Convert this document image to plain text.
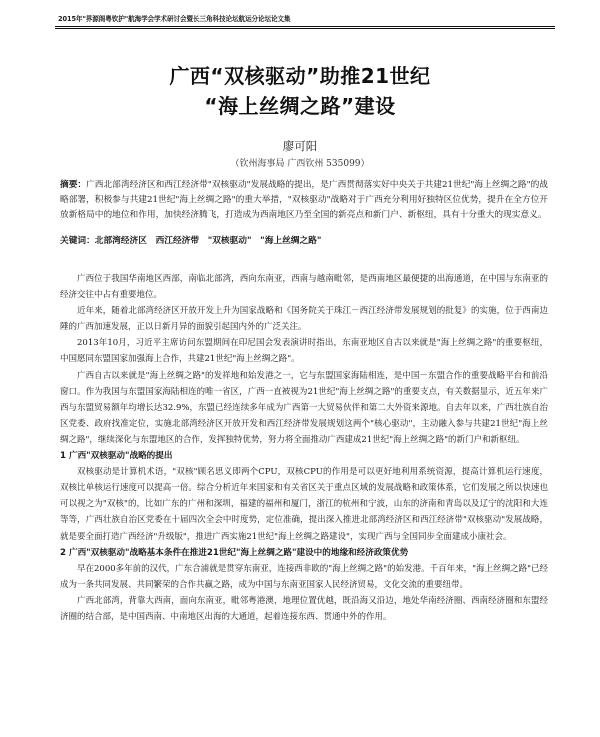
2015年"界源阁粤钦护"航海学会学术研讨会暨长三角科技论坛航运分论坛论文集
广西“双核驱动”助推21世纪
“海上丝绸之路”建设
廖可阳
（钦州海事局 广西钦州 535099）
摘要：广西北部湾经济区和西江经济带"双核驱动"发展战略的提出，是广西贯彻落实好中央关于共建21世纪"海上丝绸之路"的战略部署，积极参与共建21世纪"海上丝绸之路"的重大举措，"双核驱动"战略对于广西充分利用好独特区位优势，提升在全方位开放新格局中的地位和作用，加快经济腾飞，打造成为西南地区乃至全国的新亮点和新门户、新枢纽，具有十分重大的现实意义。
关键词：北部湾经济区　西江经济带　"双核驱动"　"海上丝绸之路"

广西位于我国华南地区西部，南临北部湾，西向东南亚，西南与越南毗邻，是西南地区最便捷的出海通道，在中国与东南亚的经济交往中占有重要地位。

近年来，随着北部湾经济区开放开发上升为国家战略和《国务院关于珠江－西江经济带发展规划的批复》的实施，位于西南边陲的广西加速发展，正以日新月异的面貌引起国内外的广泛关注。

2013年10月，习近平主席访问东盟期间在印尼国会发表演讲时指出，东南亚地区自古以来就是"海上丝绸之路"的重要枢纽，中国愿同东盟国家加强海上合作，共建21世纪"海上丝绸之路"。

广西自古以来就是"海上丝绸之路"的发祥地和始发港之一，它与东盟国家海陆相连，是中国－东盟合作的重要战略平台和前沿窗口。作为我国与东盟国家海陆相连的唯一省区，广西一直被视为21世纪"海上丝绸之路"的重要支点，有关数据显示，近五年来广西与东盟贸易额年均增长达32.9%，东盟已经连续多年成为广西第一大贸易伙伴和第二大外资来源地。自去年以来，广西壮族自治区党委、政府找准定位，实施北部湾经济区开放开发和西江经济带发展规划这两个"核心驱动"，主动融入参与共建21世纪"海上丝绸之路"，继续深化与东盟地区的合作，发挥独特优势，努力将全面推动广西建成21世纪"海上丝绸之路"的新门户和新枢纽。

1 广西"双核驱动"战略的提出

双核驱动是计算机术语，"双核"顾名思义即两个CPU，双核CPU的作用是可以更好地利用系统资源，提高计算机运行速度，双核比单核运行速度可以提高一倍。综合分析近年来国家和有关省区关于重点区域的发展战略和政策体系，它们发展之所以快速也可以视之为"双核"的，比如广东的广州和深圳，福建的福州和厦门，浙江的杭州和宁波，山东的济南和青岛以及辽宁的沈阳和大连等等，广西壮族自治区党委在十届四次全会中时度势，定位准确，提出深入推进北部湾经济区和西江经济带"双核驱动"发展战略，就是要全面打造广西经济"升级版"，推进广西实施21世纪"海上丝绸之路建设"，实现广西与全国同步全面建成小康社会。

2 广西"双核驱动"战略基本条件在推进21世纪"海上丝绸之路"建设中的地缘和经济政策优势

早在2000多年前的汉代，广东合浦就是贯穿东南亚，连接西非欧的"海上丝绸之路"的始发港。千百年来，"海上丝绸之路"已经成为一条共同发展、共同繁荣的合作共赢之路，成为中国与东南亚国家人民经济贸易，文化交流的重要纽带。

广西北部湾，背靠大西南，面向东南亚，毗邻粤港澳，地理位置优越，既沿海又沿边，地处华南经济圈、西南经济圈和东盟经济圈的结合部，是中国西南、中南地区出海的大通道，起着连接东西、贯通中外的作用。
